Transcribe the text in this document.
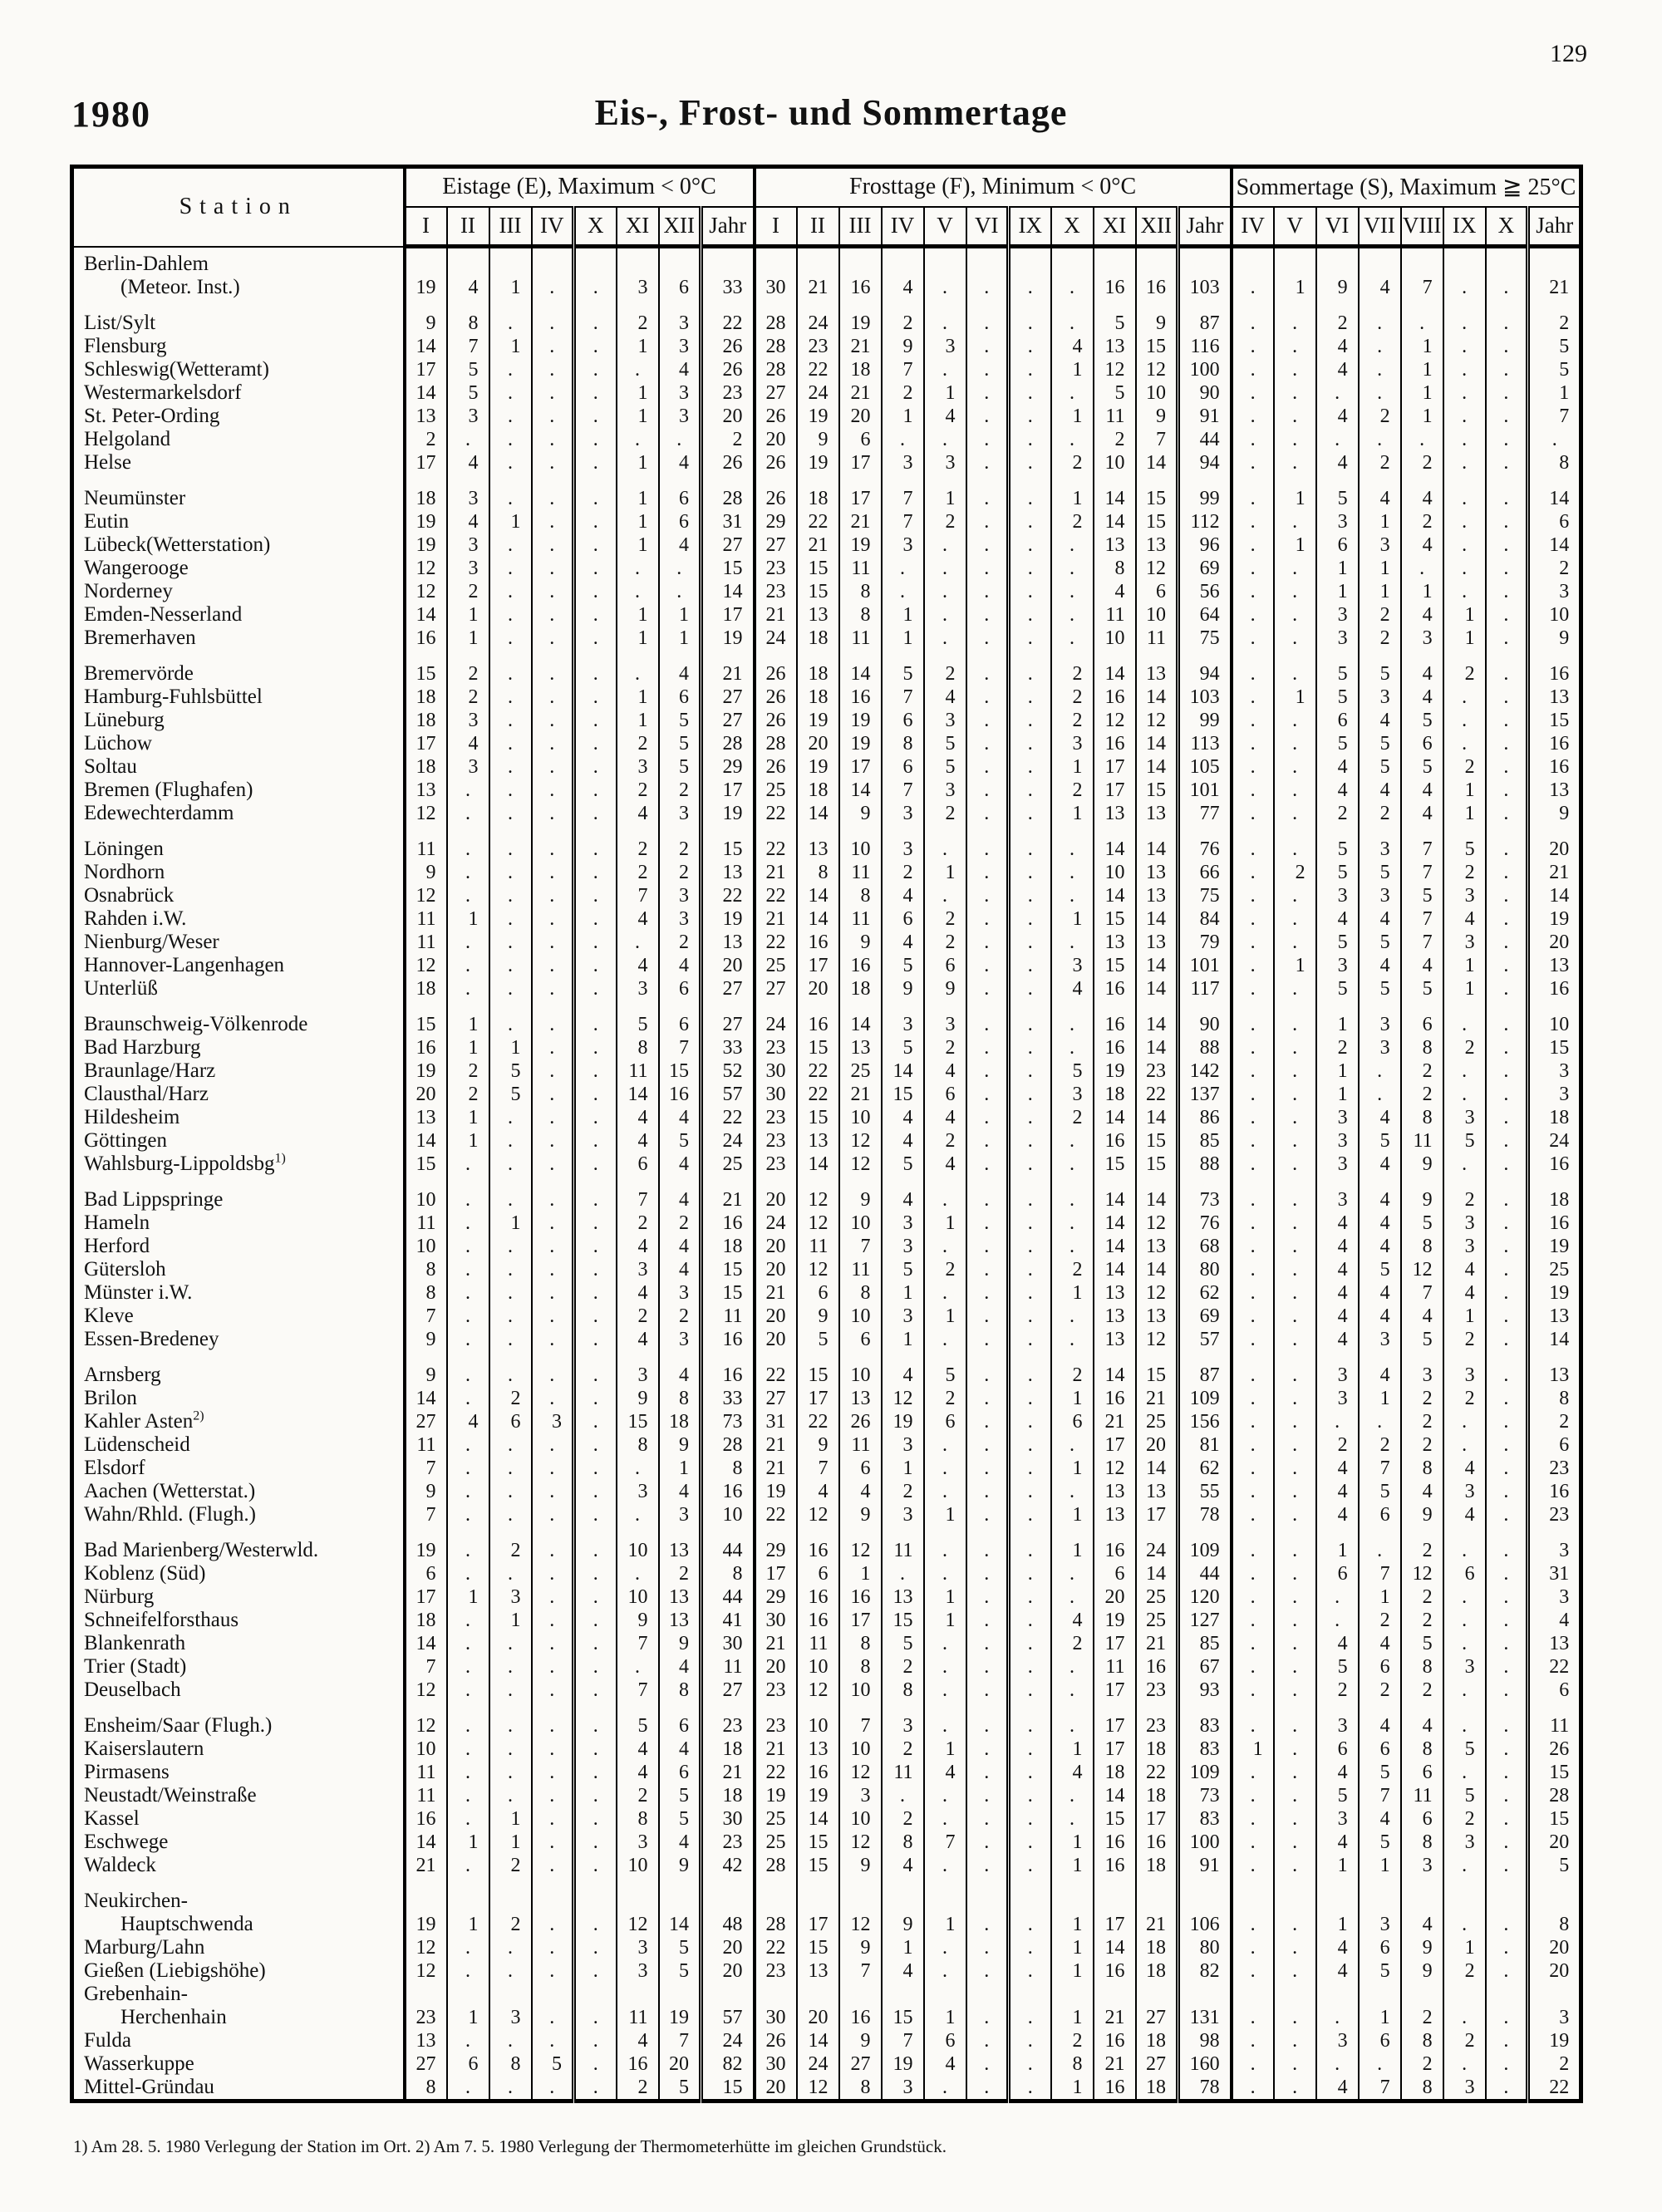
129
1980	Eis-, Frost- und Sommertage
Station	Eistage (E), Maximum < 0°C								Frosttage (F), Minimum < 0°C											Sommertage (S), Maximum ≧ 25°C							
	I	II	III	IV	X	XI	XII	Jahr	I	II	III	IV	V	VI	IX	X	XI	XII	Jahr	IV	V	VI	VII	VIII	IX	X	Jahr
Berlin-Dahlem																											
(Meteor. Inst.)	19	4	1	.	.	3	6	33	30	21	16	4	.	.	.	.	16	16	103	.	1	9	4	7	.	.	21

List/Sylt	9	8	.	.	.	2	3	22	28	24	19	2	.	.	.	.	5	9	87	.	.	2	.	.	.	.	2
Flensburg	14	7	1	.	.	1	3	26	28	23	21	9	3	.	.	4	13	15	116	.	.	4	.	1	.	.	5
Schleswig(Wetteramt)	17	5	.	.	.	.	4	26	28	22	18	7	.	.	.	1	12	12	100	.	.	4	.	1	.	.	5
Westermarkelsdorf	14	5	.	.	.	1	3	23	27	24	21	2	1	.	.	.	5	10	90	.	.	.	.	1	.	.	1
St. Peter-Ording	13	3	.	.	.	1	3	20	26	19	20	1	4	.	.	1	11	9	91	.	.	4	2	1	.	.	7
Helgoland	2	.	.	.	.	.	.	2	20	9	6	.	.	.	.	.	2	7	44	.	.	.	.	.	.	.	.
Helse	17	4	.	.	.	1	4	26	26	19	17	3	3	.	.	2	10	14	94	.	.	4	2	2	.	.	8

Neumünster	18	3	.	.	.	1	6	28	26	18	17	7	1	.	.	1	14	15	99	.	1	5	4	4	.	.	14
Eutin	19	4	1	.	.	1	6	31	29	22	21	7	2	.	.	2	14	15	112	.	.	3	1	2	.	.	6
Lübeck(Wetterstation)	19	3	.	.	.	1	4	27	27	21	19	3	.	.	.	.	13	13	96	.	1	6	3	4	.	.	14
Wangerooge	12	3	.	.	.	.	.	15	23	15	11	.	.	.	.	.	8	12	69	.	.	1	1	.	.	.	2
Norderney	12	2	.	.	.	.	.	14	23	15	8	.	.	.	.	.	4	6	56	.	.	1	1	1	.	.	3
Emden-Nesserland	14	1	.	.	.	1	1	17	21	13	8	1	.	.	.	.	11	10	64	.	.	3	2	4	1	.	10
Bremerhaven	16	1	.	.	.	1	1	19	24	18	11	1	.	.	.	.	10	11	75	.	.	3	2	3	1	.	9

Bremervörde	15	2	.	.	.	.	4	21	26	18	14	5	2	.	.	2	14	13	94	.	.	5	5	4	2	.	16
Hamburg-Fuhlsbüttel	18	2	.	.	.	1	6	27	26	18	16	7	4	.	.	2	16	14	103	.	1	5	3	4	.	.	13
Lüneburg	18	3	.	.	.	1	5	27	26	19	19	6	3	.	.	2	12	12	99	.	.	6	4	5	.	.	15
Lüchow	17	4	.	.	.	2	5	28	28	20	19	8	5	.	.	3	16	14	113	.	.	5	5	6	.	.	16
Soltau	18	3	.	.	.	3	5	29	26	19	17	6	5	.	.	1	17	14	105	.	.	4	5	5	2	.	16
Bremen (Flughafen)	13	.	.	.	.	2	2	17	25	18	14	7	3	.	.	2	17	15	101	.	.	4	4	4	1	.	13
Edewechterdamm	12	.	.	.	.	4	3	19	22	14	9	3	2	.	.	1	13	13	77	.	.	2	2	4	1	.	9

Löningen	11	.	.	.	.	2	2	15	22	13	10	3	.	.	.	.	14	14	76	.	.	5	3	7	5	.	20
Nordhorn	9	.	.	.	.	2	2	13	21	8	11	2	1	.	.	.	10	13	66	.	2	5	5	7	2	.	21
Osnabrück	12	.	.	.	.	7	3	22	22	14	8	4	.	.	.	.	14	13	75	.	.	3	3	5	3	.	14
Rahden i.W.	11	1	.	.	.	4	3	19	21	14	11	6	2	.	.	1	15	14	84	.	.	4	4	7	4	.	19
Nienburg/Weser	11	.	.	.	.	.	2	13	22	16	9	4	2	.	.	.	13	13	79	.	.	5	5	7	3	.	20
Hannover-Langenhagen	12	.	.	.	.	4	4	20	25	17	16	5	6	.	.	3	15	14	101	.	1	3	4	4	1	.	13
Unterlüß	18	.	.	.	.	3	6	27	27	20	18	9	9	.	.	4	16	14	117	.	.	5	5	5	1	.	16

Braunschweig-Völkenrode	15	1	.	.	.	5	6	27	24	16	14	3	3	.	.	.	16	14	90	.	.	1	3	6	.	.	10
Bad Harzburg	16	1	1	.	.	8	7	33	23	15	13	5	2	.	.	.	16	14	88	.	.	2	3	8	2	.	15
Braunlage/Harz	19	2	5	.	.	11	15	52	30	22	25	14	4	.	.	5	19	23	142	.	.	1	.	2	.	.	3
Clausthal/Harz	20	2	5	.	.	14	16	57	30	22	21	15	6	.	.	3	18	22	137	.	.	1	.	2	.	.	3
Hildesheim	13	1	.	.	.	4	4	22	23	15	10	4	4	.	.	2	14	14	86	.	.	3	4	8	3	.	18
Göttingen	14	1	.	.	.	4	5	24	23	13	12	4	2	.	.	.	16	15	85	.	.	3	5	11	5	.	24
Wahlsburg-Lippoldsbg$^{1)}$	15	.	.	.	.	6	4	25	23	14	12	5	4	.	.	.	15	15	88	.	.	3	4	9	.	.	16

Bad Lippspringe	10	.	.	.	.	7	4	21	20	12	9	4	.	.	.	.	14	14	73	.	.	3	4	9	2	.	18
Hameln	11	.	1	.	.	2	2	16	24	12	10	3	1	.	.	.	14	12	76	.	.	4	4	5	3	.	16
Herford	10	.	.	.	.	4	4	18	20	11	7	3	.	.	.	.	14	13	68	.	.	4	4	8	3	.	19
Gütersloh	8	.	.	.	.	3	4	15	20	12	11	5	2	.	.	2	14	14	80	.	.	4	5	12	4	.	25
Münster i.W.	8	.	.	.	.	4	3	15	21	6	8	1	.	.	.	1	13	12	62	.	.	4	4	7	4	.	19
Kleve	7	.	.	.	.	2	2	11	20	9	10	3	1	.	.	.	13	13	69	.	.	4	4	4	1	.	13
Essen-Bredeney	9	.	.	.	.	4	3	16	20	5	6	1	.	.	.	.	13	12	57	.	.	4	3	5	2	.	14

Arnsberg	9	.	.	.	.	3	4	16	22	15	10	4	5	.	.	2	14	15	87	.	.	3	4	3	3	.	13
Brilon	14	.	2	.	.	9	8	33	27	17	13	12	2	.	.	1	16	21	109	.	.	3	1	2	2	.	8
Kahler Asten$^{2)}$	27	4	6	3	.	15	18	73	31	22	26	19	6	.	.	6	21	25	156	.	.	.	.	2	.	.	2
Lüdenscheid	11	.	.	.	.	8	9	28	21	9	11	3	.	.	.	.	17	20	81	.	.	2	2	2	.	.	6
Elsdorf	7	.	.	.	.	.	1	8	21	7	6	1	.	.	.	1	12	14	62	.	.	4	7	8	4	.	23
Aachen (Wetterstat.)	9	.	.	.	.	3	4	16	19	4	4	2	.	.	.	.	13	13	55	.	.	4	5	4	3	.	16
Wahn/Rhld. (Flugh.)	7	.	.	.	.	.	3	10	22	12	9	3	1	.	.	1	13	17	78	.	.	4	6	9	4	.	23

Bad Marienberg/Westerwld.	19	.	2	.	.	10	13	44	29	16	12	11	.	.	.	1	16	24	109	.	.	1	.	2	.	.	3
Koblenz (Süd)	6	.	.	.	.	.	2	8	17	6	1	.	.	.	.	.	6	14	44	.	.	6	7	12	6	.	31
Nürburg	17	1	3	.	.	10	13	44	29	16	16	13	1	.	.	.	20	25	120	.	.	.	1	2	.	.	3
Schneifelforsthaus	18	.	1	.	.	9	13	41	30	16	17	15	1	.	.	4	19	25	127	.	.	.	2	2	.	.	4
Blankenrath	14	.	.	.	.	7	9	30	21	11	8	5	.	.	.	2	17	21	85	.	.	4	4	5	.	.	13
Trier (Stadt)	7	.	.	.	.	.	4	11	20	10	8	2	.	.	.	.	11	16	67	.	.	5	6	8	3	.	22
Deuselbach	12	.	.	.	.	7	8	27	23	12	10	8	.	.	.	.	17	23	93	.	.	2	2	2	.	.	6

Ensheim/Saar (Flugh.)	12	.	.	.	.	5	6	23	23	10	7	3	.	.	.	.	17	23	83	.	.	3	4	4	.	.	11
Kaiserslautern	10	.	.	.	.	4	4	18	21	13	10	2	1	.	.	1	17	18	83	1	.	6	6	8	5	.	26
Pirmasens	11	.	.	.	.	4	6	21	22	16	12	11	4	.	.	4	18	22	109	.	.	4	5	6	.	.	15
Neustadt/Weinstraße	11	.	.	.	.	2	5	18	19	19	3	.	.	.	.	.	14	18	73	.	.	5	7	11	5	.	28
Kassel	16	.	1	.	.	8	5	30	25	14	10	2	.	.	.	.	15	17	83	.	.	3	4	6	2	.	15
Eschwege	14	1	1	.	.	3	4	23	25	15	12	8	7	.	.	1	16	16	100	.	.	4	5	8	3	.	20
Waldeck	21	.	2	.	.	10	9	42	28	15	9	4	.	.	.	1	16	18	91	.	.	1	1	3	.	.	5

Neukirchen-																											
Hauptschwenda	19	1	2	.	.	12	14	48	28	17	12	9	1	.	.	1	17	21	106	.	.	1	3	4	.	.	8
Marburg/Lahn	12	.	.	.	.	3	5	20	22	15	9	1	.	.	.	1	14	18	80	.	.	4	6	9	1	.	20
Gießen (Liebigshöhe)	12	.	.	.	.	3	5	20	23	13	7	4	.	.	.	1	16	18	82	.	.	4	5	9	2	.	20
Grebenhain-																											
Herchenhain	23	1	3	.	.	11	19	57	30	20	16	15	1	.	.	1	21	27	131	.	.	.	1	2	.	.	3
Fulda	13	.	.	.	.	4	7	24	26	14	9	7	6	.	.	2	16	18	98	.	.	3	6	8	2	.	19
Wasserkuppe	27	6	8	5	.	16	20	82	30	24	27	19	4	.	.	8	21	27	160	.	.	.	.	2	.	.	2
Mittel-Gründau	8	.	.	.	.	2	5	15	20	12	8	3	.	.	.	1	16	18	78	.	.	4	7	8	3	.	22
1) Am 28. 5. 1980 Verlegung der Station im Ort. 2) Am 7. 5. 1980 Verlegung der Thermometerhütte im gleichen Grundstück.
